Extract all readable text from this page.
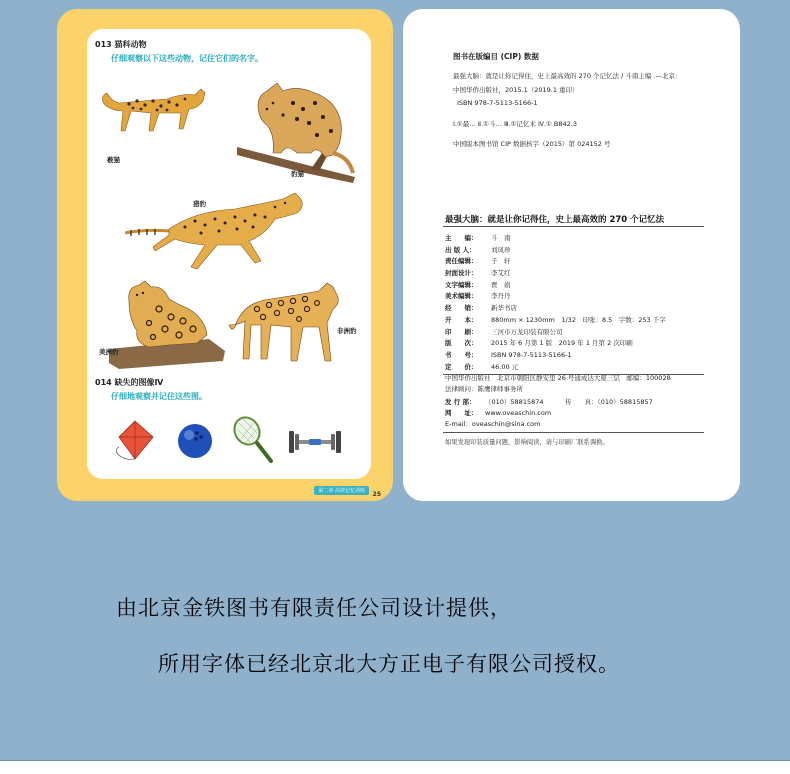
013 猫科动物
仔细观察以下这些动物，记住它们的名字。
薮猫
豹猫
猎豹
美洲豹
非洲豹
014 缺失的图像Ⅳ
仔细地观察并记住这些图。
第二章 高效记忆训练	25
图书在版编目 (CIP) 数据
最强大脑：就是让你记得住，史上最高效的 270 个记忆法 / 斗南主编 .—北京：
中国华侨出版社，2015.1（2019.1 重印）
ISBN 978-7-5113-5166-1
Ⅰ.①最… Ⅱ.①斗… Ⅲ.①记忆术 Ⅳ.① B842.3
中国版本图书馆 CIP 数据核字（2015）第 024152 号
最强大脑：就是让你记得住，史上最高效的 270 个记忆法
主　　编： 斗　南
出 版 人： 刘凤珍
责任编辑： 子　轩
封面设计： 李艾红
文字编辑： 贾　娟
美术编辑： 李丹丹
经　　销： 新华书店
开　　本： 880mm × 1230mm　1/32　印张：8.5　字数：253 千字
印　　刷： 三河市万龙印装有限公司
版　　次： 2015 年 6 月第 1 版　2019 年 1 月第 2 次印刷
书　　号： ISBN 978-7-5113-5166-1
定　　价： 46.00 元
中国华侨出版社　北京市朝阳区静安里 26 号通成达大厦三层　邮编：100028
法律顾问：陈鹰律师事务所
发 行 部： （010）58815874	传　　真：（010）58815857
网　　址： www.oveaschin.com
E-mail：oveaschin@sina.com
如果发现印装质量问题，影响阅读，请与印刷厂联系调换。
由北京金铁图书有限责任公司设计提供，
所用字体已经北京北大方正电子有限公司授权。
